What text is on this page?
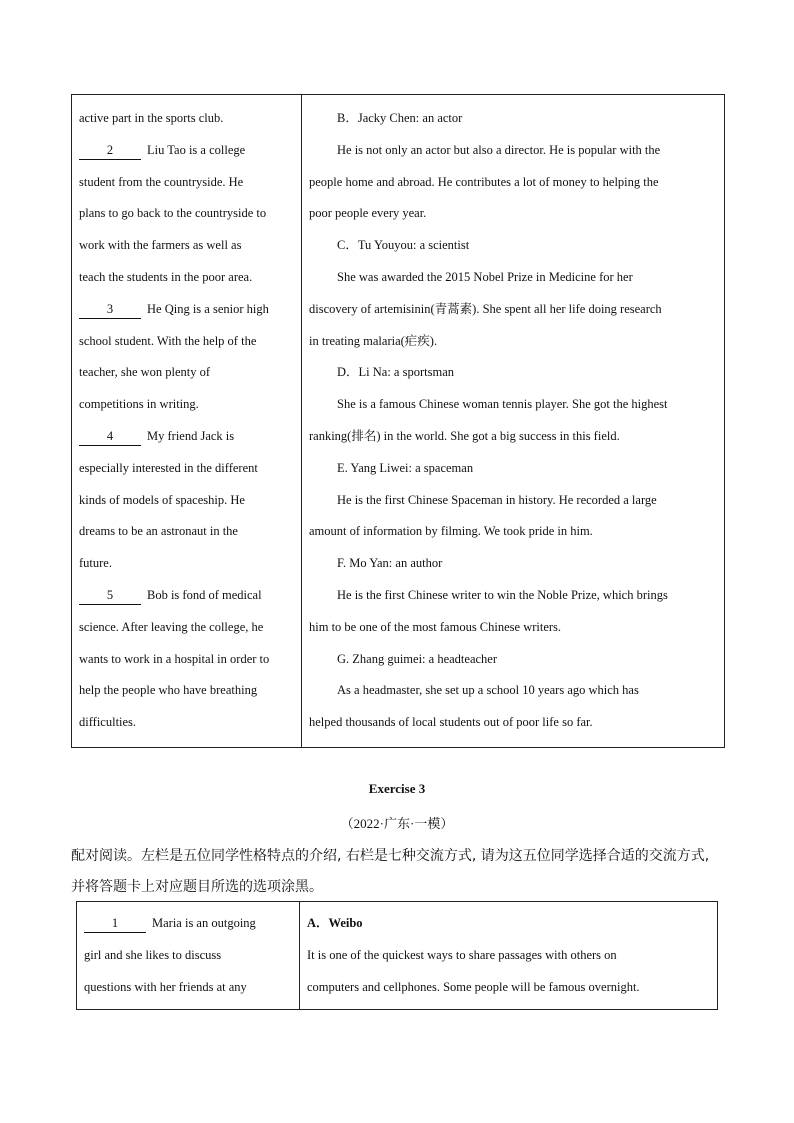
active part in the sports club.
2	Liu Tao is a college
student from the countryside. He
plans to go back to the countryside to
work with the farmers as well as
teach the students in the poor area.
3	He Qing is a senior high
school student. With the help of the
teacher, she won plenty of
competitions in writing.
4	My friend Jack is
especially interested in the different
kinds of models of spaceship. He
dreams to be an astronaut in the
future.
5	Bob is fond of medical
science. After leaving the college, he
wants to work in a hospital in order to
help the people who have breathing
difficulties.

B．Jacky Chen: an actor
He is not only an actor but also a director. He is popular with the
people home and abroad. He contributes a lot of money to helping the
poor people every year.
C．Tu Youyou: a scientist
She was awarded the 2015 Nobel Prize in Medicine for her
discovery of artemisinin(青蒿素). She spent all her life doing research
in treating malaria(疟疾).
D．Li Na: a sportsman
She is a famous Chinese woman tennis player. She got the highest
ranking(排名) in the world. She got a big success in this field.
E. Yang Liwei: a spaceman
He is the first Chinese Spaceman in history. He recorded a large
amount of information by filming. We took pride in him.
F. Mo Yan: an author
He is the first Chinese writer to win the Noble Prize, which brings
him to be one of the most famous Chinese writers.
G. Zhang guimei: a headteacher
As a headmaster, she set up a school 10 years ago which has
helped thousands of local students out of poor life so far.
Exercise 3
（2022·广东·一模）
配对阅读。左栏是五位同学性格特点的介绍, 右栏是七种交流方式, 请为这五位同学选择合适的交流方式,
并将答题卡上对应题目所选的选项涂黑。
1	Maria is an outgoing
girl and she likes to discuss
questions with her friends at any

A．Weibo
It is one of the quickest ways to share passages with others on
computers and cellphones. Some people will be famous overnight.
